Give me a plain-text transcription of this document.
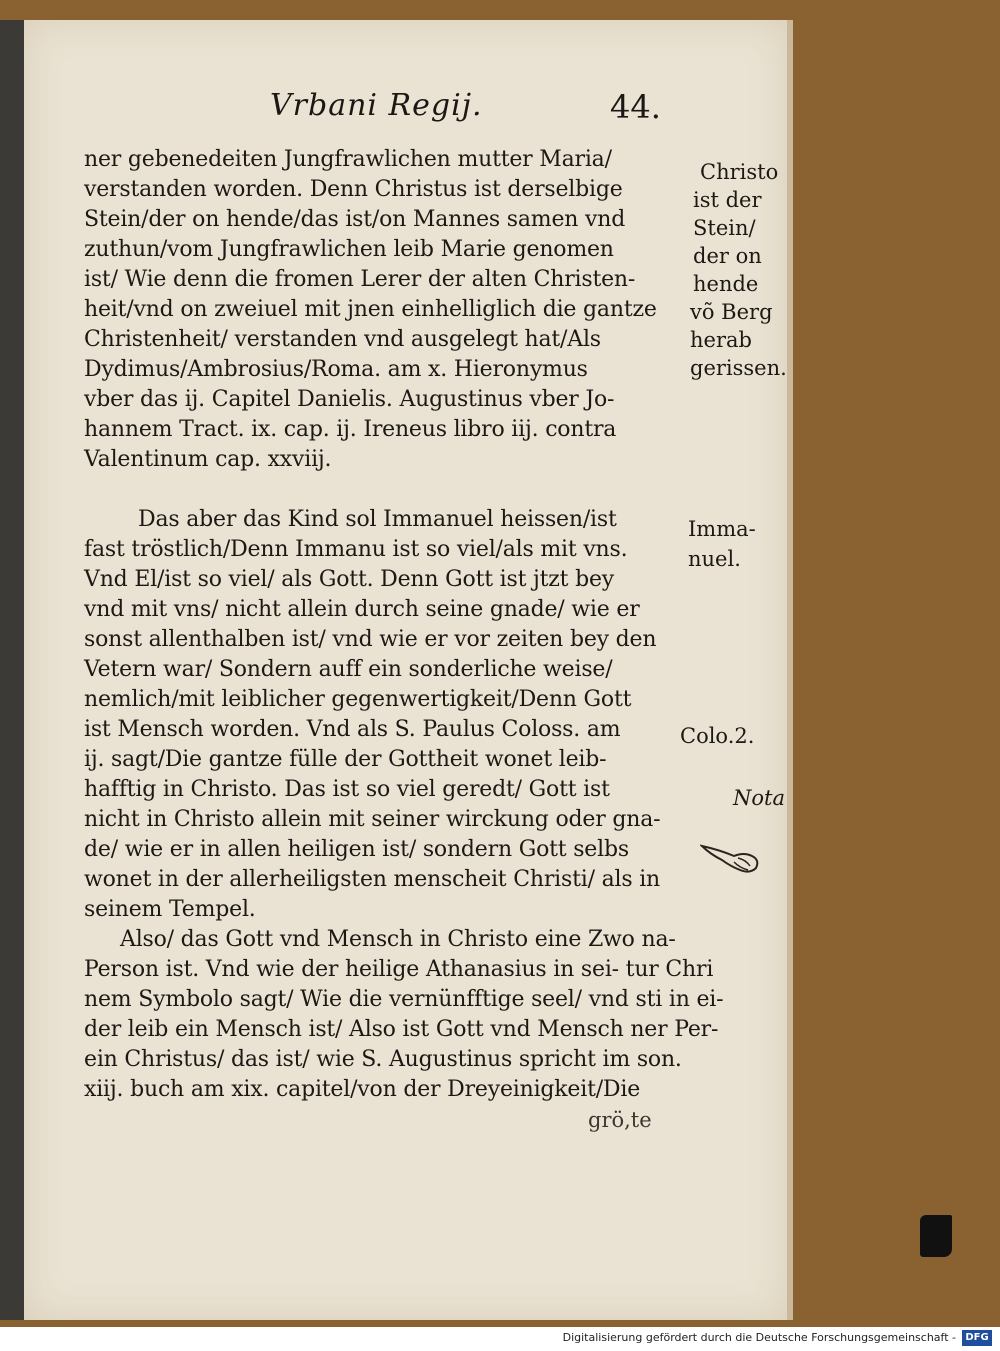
Vrbani Regij.	44.
ner gebenedeiten Jungfrawlichen mutter Maria/
verstanden worden. Denn Christus ist derselbige
Stein/der on hende/das ist/on Mannes samen vnd
zuthun/vom Jungfrawlichen leib Marie genomen
ist/ Wie denn die fromen Lerer der alten Christen-
heit/vnd on zweiuel mit jnen einhelliglich die gantze
Christenheit/ verstanden vnd ausgelegt hat/Als
Dydimus/Ambrosius/Roma. am x. Hieronymus
vber das ij. Capitel Danielis. Augustinus vber Jo-
hannem Tract. ix. cap. ij. Ireneus libro iij. contra
Valentinum cap. xxviij.
Das aber das Kind sol Immanuel heissen/ist
fast tröstlich/Denn Immanu ist so viel/als mit vns.
Vnd El/ist so viel/ als Gott. Denn Gott ist jtzt bey
vnd mit vns/ nicht allein durch seine gnade/ wie er
sonst allenthalben ist/ vnd wie er vor zeiten bey den
Vetern war/ Sondern auff ein sonderliche weise/
nemlich/mit leiblicher gegenwertigkeit/Denn Gott
ist Mensch worden. Vnd als S. Paulus Coloss. am
ij. sagt/Die gantze fülle der Gottheit wonet leib-
hafftig in Christo. Das ist so viel geredt/ Gott ist
nicht in Christo allein mit seiner wirckung oder gna-
de/ wie er in allen heiligen ist/ sondern Gott selbs
wonet in der allerheiligsten menscheit Christi/ als in
seinem Tempel.
Also/ das Gott vnd Mensch in Christo eine Zwo na-
Person ist. Vnd wie der heilige Athanasius in sei- tur Chri
nem Symbolo sagt/ Wie die vernünfftige seel/ vnd sti in ei-
der leib ein Mensch ist/ Also ist Gott vnd Mensch ner Per-
ein Christus/ das ist/ wie S. Augustinus spricht im son.
xiij. buch am xix. capitel/von der Dreyeinigkeit/Die
grö,te
Christo
ist der
Stein/
der on
hende
võ Berg
herab
gerissen.
Imma-
nuel.
Colo.2.
Nota
Digitalisierung gefördert durch die Deutsche Forschungsgemeinschaft - DFG
